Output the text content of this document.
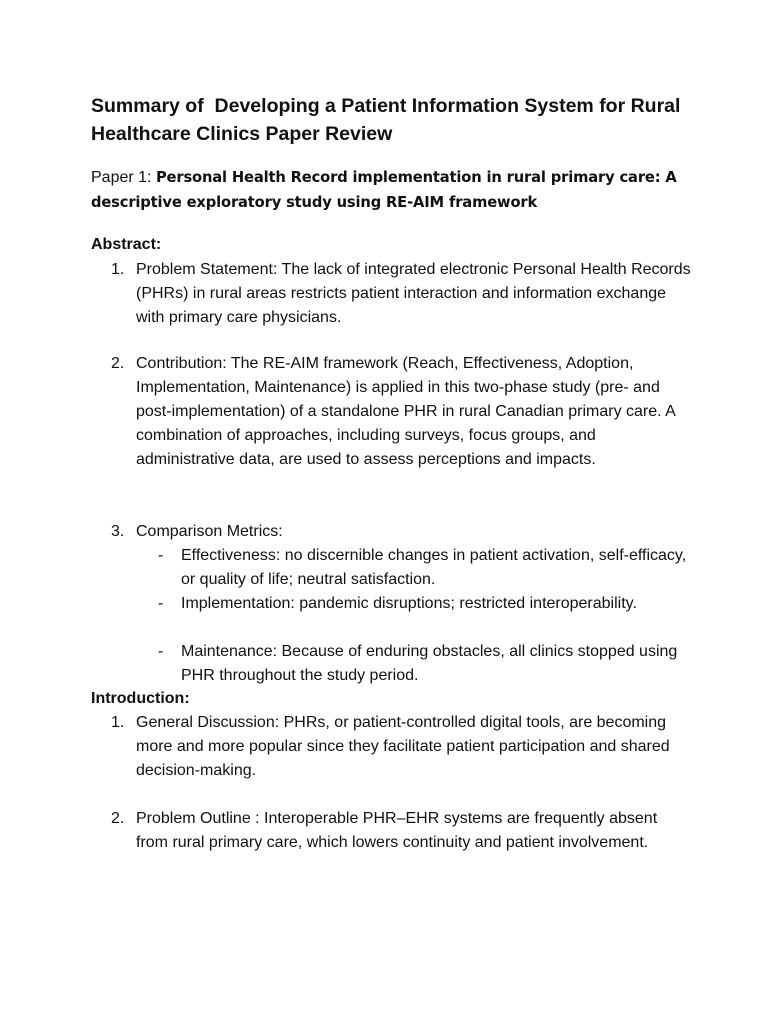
Summary of  Developing a Patient Information System for Rural Healthcare Clinics Paper Review

Paper 1: Personal Health Record implementation in rural primary care: A descriptive exploratory study using RE-AIM framework

Abstract:
1. Problem Statement: The lack of integrated electronic Personal Health Records (PHRs) in rural areas restricts patient interaction and information exchange with primary care physicians.
2. Contribution: The RE-AIM framework (Reach, Effectiveness, Adoption, Implementation, Maintenance) is applied in this two-phase study (pre- and post-implementation) of a standalone PHR in rural Canadian primary care. A combination of approaches, including surveys, focus groups, and administrative data, are used to assess perceptions and impacts.
3. Comparison Metrics:
- Effectiveness: no discernible changes in patient activation, self-efficacy, or quality of life; neutral satisfaction.
- Implementation: pandemic disruptions; restricted interoperability.
- Maintenance: Because of enduring obstacles, all clinics stopped using PHR throughout the study period.
Introduction:
1. General Discussion: PHRs, or patient-controlled digital tools, are becoming more and more popular since they facilitate patient participation and shared decision-making.
2. Problem Outline : Interoperable PHR–EHR systems are frequently absent from rural primary care, which lowers continuity and patient involvement.
